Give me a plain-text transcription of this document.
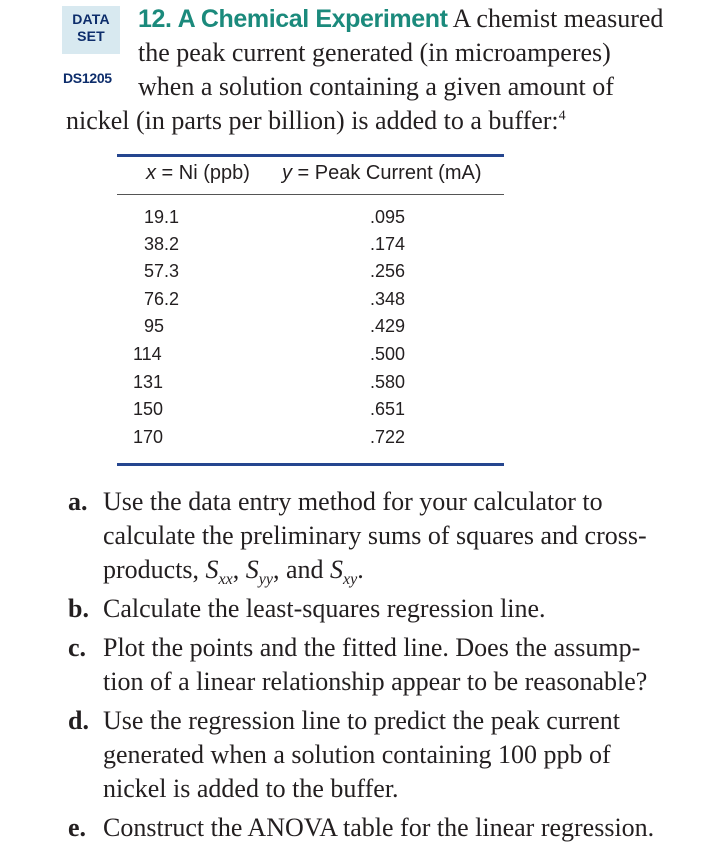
DATA
SET
DS1205
12. A Chemical Experiment A chemist measured
the peak current generated (in microamperes)
when a solution containing a given amount of
nickel (in parts per billion) is added to a buffer:$^4$
x = Ni (ppb) y = Peak Current (mA)
19.1	.095
38.2	.174
57.3	.256
76.2	.348
95	.429
114	.500
131	.580
150	.651
170	.722
a. Use the data entry method for your calculator to
calculate the preliminary sums of squares and cross-
products, $S_{xx}$, $S_{yy}$, and $S_{xy}$.
b. Calculate the least-squares regression line.
c. Plot the points and the fitted line. Does the assump-
tion of a linear relationship appear to be reasonable?
d. Use the regression line to predict the peak current
generated when a solution containing 100 ppb of
nickel is added to the buffer.
e. Construct the ANOVA table for the linear regression.
